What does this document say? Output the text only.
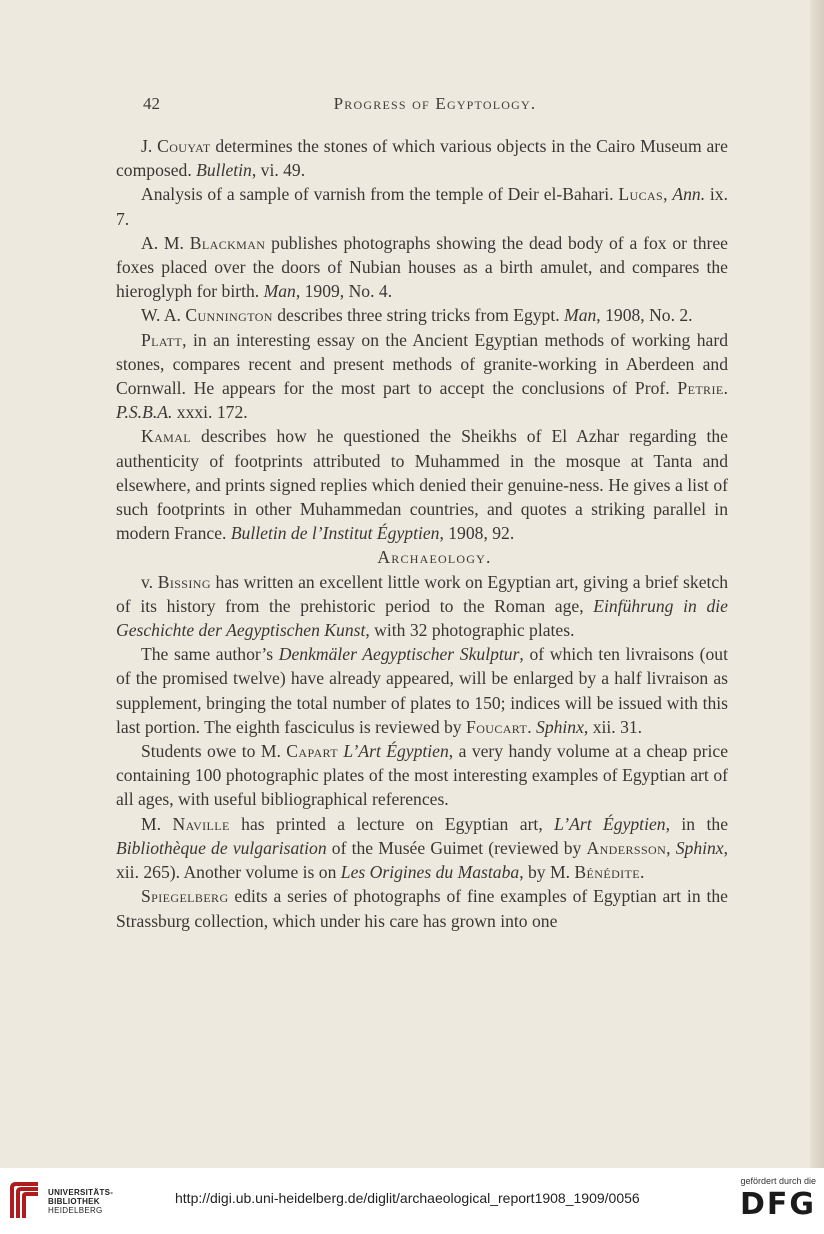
42	Progress of Egyptology.

J. Couyat determines the stones of which various objects in the Cairo Museum are composed. Bulletin, vi. 49.

Analysis of a sample of varnish from the temple of Deir el-Bahari. Lucas, Ann. ix. 7.

A. M. Blackman publishes photographs showing the dead body of a fox or three foxes placed over the doors of Nubian houses as a birth amulet, and compares the hieroglyph for birth. Man, 1909, No. 4.

W. A. Cunnington describes three string tricks from Egypt. Man, 1908, No. 2.

Platt, in an interesting essay on the Ancient Egyptian methods of working hard stones, compares recent and present methods of granite-working in Aberdeen and Cornwall. He appears for the most part to accept the conclusions of Prof. Petrie. P.S.B.A. xxxi. 172.

Kamal describes how he questioned the Sheikhs of El Azhar regarding the authenticity of footprints attributed to Muhammed in the mosque at Tanta and elsewhere, and prints signed replies which denied their genuine-ness. He gives a list of such footprints in other Muhammedan countries, and quotes a striking parallel in modern France. Bulletin de l’Institut Égyptien, 1908, 92.

Archaeology.

v. Bissing has written an excellent little work on Egyptian art, giving a brief sketch of its history from the prehistoric period to the Roman age, Einführung in die Geschichte der Aegyptischen Kunst, with 32 photographic plates.

The same author’s Denkmäler Aegyptischer Skulptur, of which ten livraisons (out of the promised twelve) have already appeared, will be enlarged by a half livraison as supplement, bringing the total number of plates to 150; indices will be issued with this last portion. The eighth fasciculus is reviewed by Foucart. Sphinx, xii. 31.

Students owe to M. Capart L’Art Égyptien, a very handy volume at a cheap price containing 100 photographic plates of the most interesting examples of Egyptian art of all ages, with useful bibliographical references.

M. Naville has printed a lecture on Egyptian art, L’Art Égyptien, in the Bibliothèque de vulgarisation of the Musée Guimet (reviewed by Andersson, Sphinx, xii. 265). Another volume is on Les Origines du Mastaba, by M. Bénédite.

Spiegelberg edits a series of photographs of fine examples of Egyptian art in the Strassburg collection, which under his care has grown into one

UNIVERSITÄTS-
BIBLIOTHEK
HEIDELBERG
http://digi.ub.uni-heidelberg.de/diglit/archaeological_report1908_1909/0056
gefördert durch die
DFG
